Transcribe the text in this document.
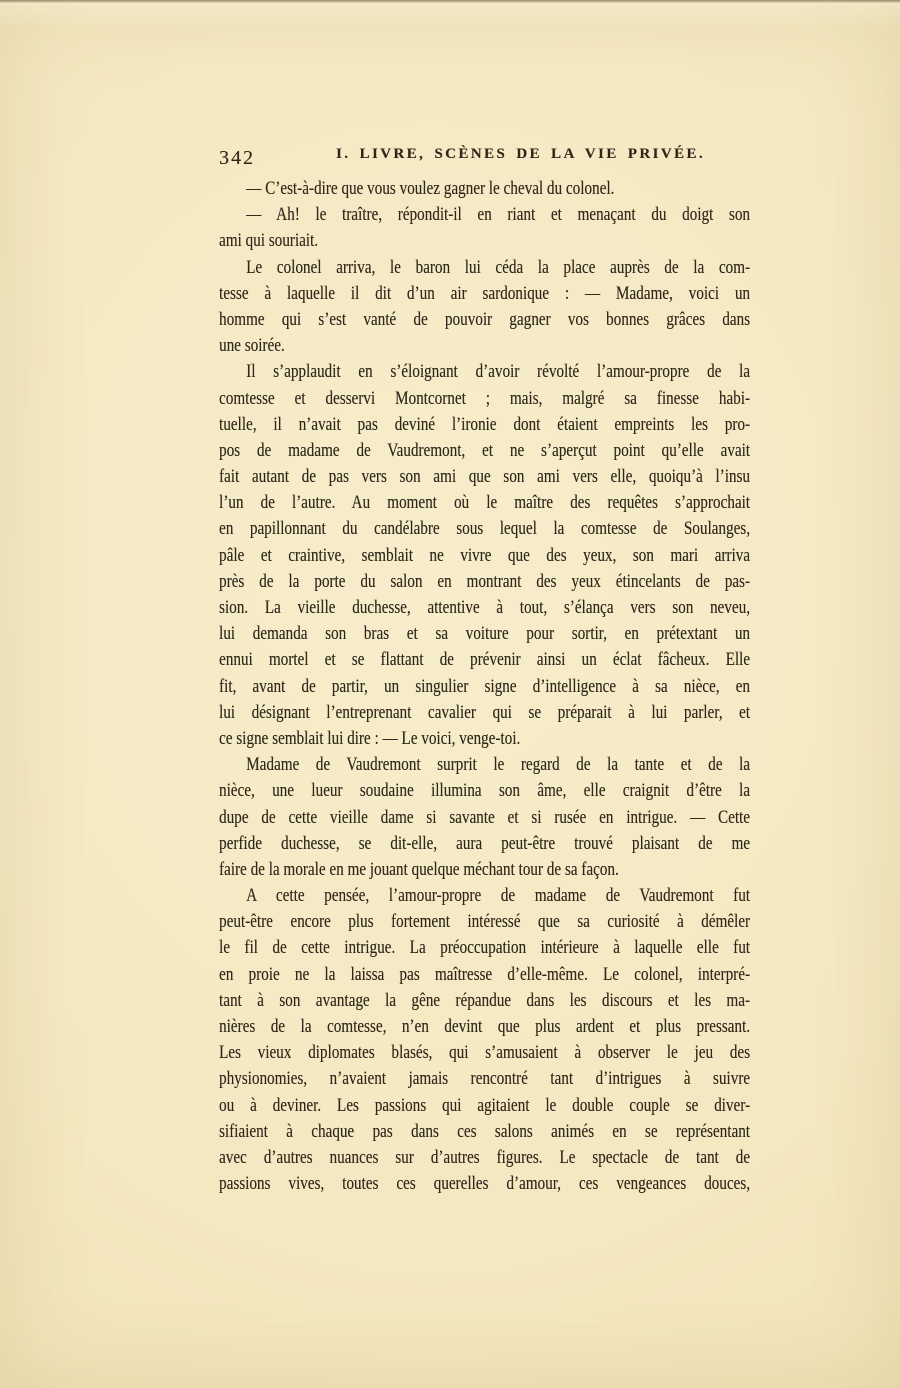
342	I. LIVRE, SCÈNES DE LA VIE PRIVÉE.
— C’est-à-dire que vous voulez gagner le cheval du colonel.
— Ah! le traître, répondit-il en riant et menaçant du doigt son
ami qui souriait.
Le colonel arriva, le baron lui céda la place auprès de la com-
tesse à laquelle il dit d’un air sardonique : — Madame, voici un
homme qui s’est vanté de pouvoir gagner vos bonnes grâces dans
une soirée.
Il s’applaudit en s’éloignant d’avoir révolté l’amour-propre de la
comtesse et desservi Montcornet ; mais, malgré sa finesse habi-
tuelle, il n’avait pas deviné l’ironie dont étaient empreints les pro-
pos de madame de Vaudremont, et ne s’aperçut point qu’elle avait
fait autant de pas vers son ami que son ami vers elle, quoiqu’à l’insu
l’un de l’autre. Au moment où le maître des requêtes s’approchait
en papillonnant du candélabre sous lequel la comtesse de Soulanges,
pâle et craintive, semblait ne vivre que des yeux, son mari arriva
près de la porte du salon en montrant des yeux étincelants de pas-
sion. La vieille duchesse, attentive à tout, s’élança vers son neveu,
lui demanda son bras et sa voiture pour sortir, en prétextant un
ennui mortel et se flattant de prévenir ainsi un éclat fâcheux. Elle
fit, avant de partir, un singulier signe d’intelligence à sa nièce, en
lui désignant l’entreprenant cavalier qui se préparait à lui parler, et
ce signe semblait lui dire : — Le voici, venge-toi.
Madame de Vaudremont surprit le regard de la tante et de la
nièce, une lueur soudaine illumina son âme, elle craignit d’être la
dupe de cette vieille dame si savante et si rusée en intrigue. — Cette
perfide duchesse, se dit-elle, aura peut-être trouvé plaisant de me
faire de la morale en me jouant quelque méchant tour de sa façon.
A cette pensée, l’amour-propre de madame de Vaudremont fut
peut-être encore plus fortement intéressé que sa curiosité à démêler
le fil de cette intrigue. La préoccupation intérieure à laquelle elle fut
en proie ne la laissa pas maîtresse d’elle-même. Le colonel, interpré-
tant à son avantage la gêne répandue dans les discours et les ma-
nières de la comtesse, n’en devint que plus ardent et plus pressant.
Les vieux diplomates blasés, qui s’amusaient à observer le jeu des
physionomies, n’avaient jamais rencontré tant d’intrigues à suivre
ou à deviner. Les passions qui agitaient le double couple se diver-
sifiaient à chaque pas dans ces salons animés en se représentant
avec d’autres nuances sur d’autres figures. Le spectacle de tant de
passions vives, toutes ces querelles d’amour, ces vengeances douces,
